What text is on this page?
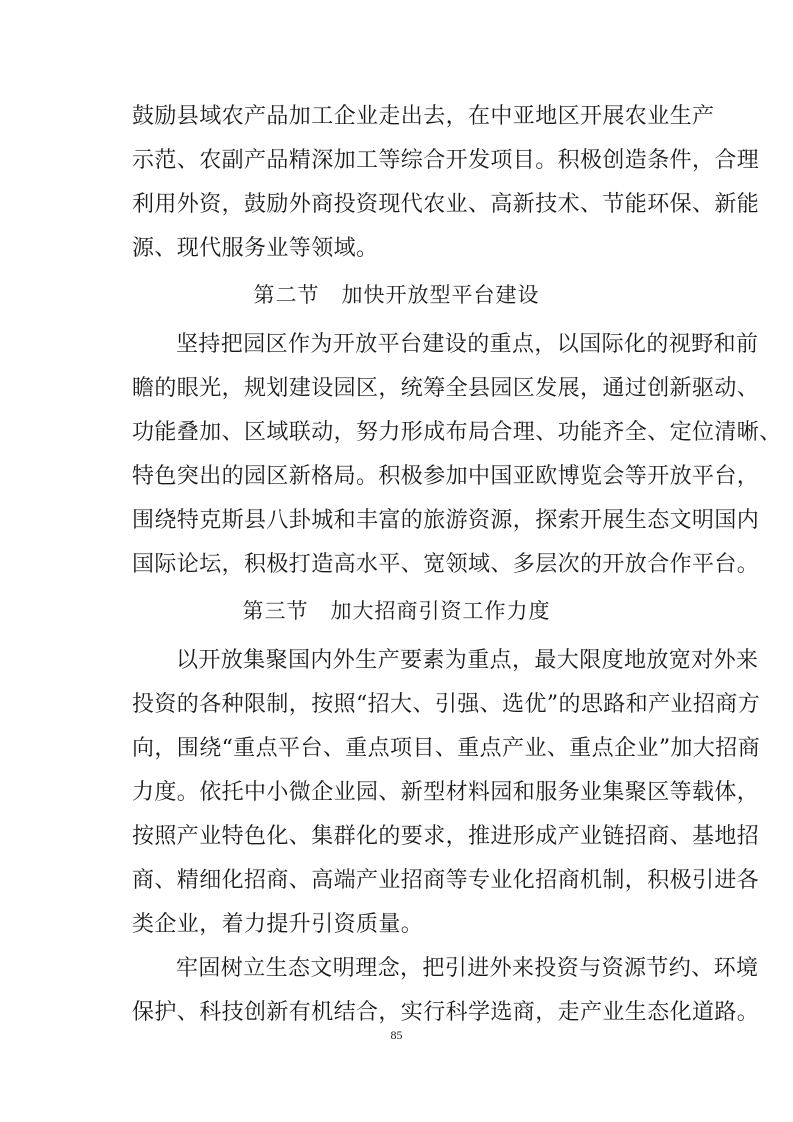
鼓励县域农产品加工企业走出去，在中亚地区开展农业生产
示范、农副产品精深加工等综合开发项目。积极创造条件，合理
利用外资，鼓励外商投资现代农业、高新技术、节能环保、新能
源、现代服务业等领域。
第二节 加快开放型平台建设
坚持把园区作为开放平台建设的重点，以国际化的视野和前
瞻的眼光，规划建设园区，统筹全县园区发展，通过创新驱动、
功能叠加、区域联动，努力形成布局合理、功能齐全、定位清晰、
特色突出的园区新格局。积极参加中国亚欧博览会等开放平台，
围绕特克斯县八卦城和丰富的旅游资源，探索开展生态文明国内
国际论坛，积极打造高水平、宽领域、多层次的开放合作平台。
第三节 加大招商引资工作力度
以开放集聚国内外生产要素为重点，最大限度地放宽对外来
投资的各种限制，按照“招大、引强、选优”的思路和产业招商方
向，围绕“重点平台、重点项目、重点产业、重点企业”加大招商
力度。依托中小微企业园、新型材料园和服务业集聚区等载体，
按照产业特色化、集群化的要求，推进形成产业链招商、基地招
商、精细化招商、高端产业招商等专业化招商机制，积极引进各
类企业，着力提升引资质量。
牢固树立生态文明理念，把引进外来投资与资源节约、环境
保护、科技创新有机结合，实行科学选商，走产业生态化道路。
85
